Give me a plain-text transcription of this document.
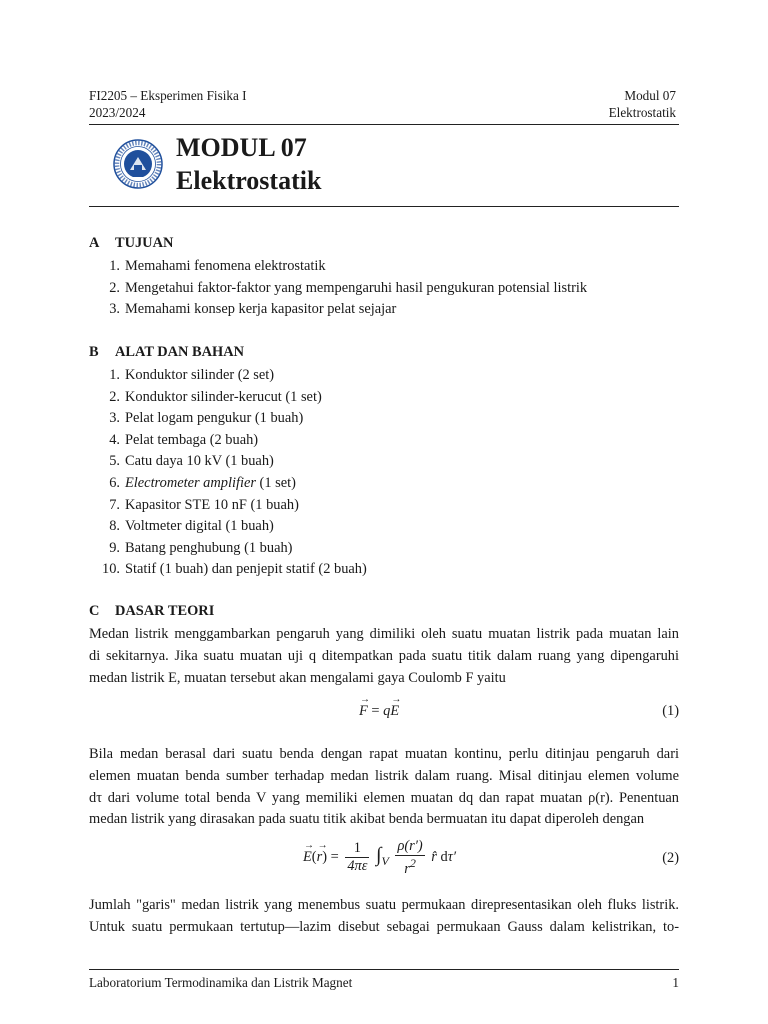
FI2205 – Eksperimen Fisika I
2023/2024
Modul 07
Elektrostatik
MODUL 07
Elektrostatik
A TUJUAN
1. Memahami fenomena elektrostatik
2. Mengetahui faktor-faktor yang mempengaruhi hasil pengukuran potensial listrik
3. Memahami konsep kerja kapasitor pelat sejajar
B ALAT DAN BAHAN
1. Konduktor silinder (2 set)
2. Konduktor silinder-kerucut (1 set)
3. Pelat logam pengukur (1 buah)
4. Pelat tembaga (2 buah)
5. Catu daya 10 kV (1 buah)
6. Electrometer amplifier (1 set)
7. Kapasitor STE 10 nF (1 buah)
8. Voltmeter digital (1 buah)
9. Batang penghubung (1 buah)
10. Statif (1 buah) dan penjepit statif (2 buah)
C DASAR TEORI
Medan listrik menggambarkan pengaruh yang dimiliki oleh suatu muatan listrik pada muatan lain
di sekitarnya. Jika suatu muatan uji q ditempatkan pada suatu titik dalam ruang yang dipengaruhi
medan listrik E, muatan tersebut akan mengalami gaya Coulomb F yaitu
→ F = q→ E	(1)
Bila medan berasal dari suatu benda dengan rapat muatan kontinu, perlu ditinjau pengaruh dari
elemen muatan benda sumber terhadap medan listrik dalam ruang. Misal ditinjau elemen volume
dτ dari volume total benda V yang memiliki elemen muatan dq dan rapat muatan ρ(r). Penentuan
medan listrik yang dirasakan pada suatu titik akibat benda bermuatan itu dapat diperoleh dengan
→ $E(\to r) = \frac{1}{4\pi\varepsilon} \int_V \frac{\rho(r')}{r^2}$ r̂ dτ′	(2)
Jumlah "garis" medan listrik yang menembus suatu permukaan direpresentasikan oleh fluks listrik.
Untuk suatu permukaan tertutup—lazim disebut sebagai permukaan Gauss dalam kelistrikan, to-
Laboratorium Termodinamika dan Listrik Magnet	1
